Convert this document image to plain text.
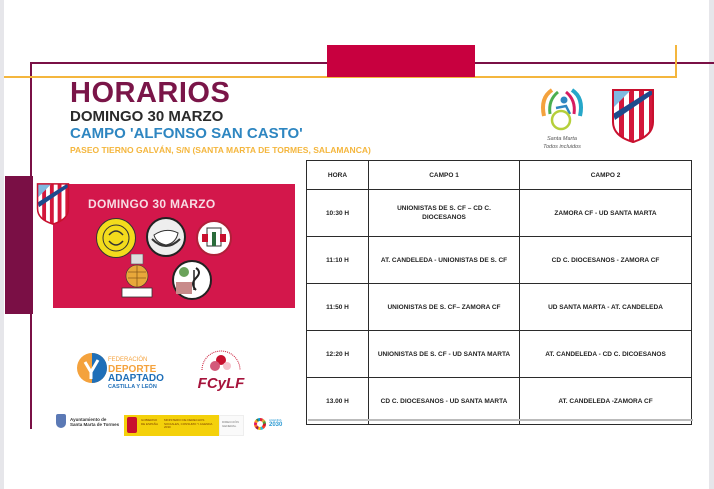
HORARIOS
DOMINGO 30 MARZO
CAMPO 'ALFONSO SAN CASTO'
PASEO TIERNO GALVÁN, S/N (SANTA MARTA DE TORMES, SALAMANCA)
Santa Marta
Todos incluidos
DOMINGO 30 MARZO
HORA	CAMPO 1	CAMPO 2
10:30 H	UNIONISTAS DE S. CF – CD C. DIOCESANOS	ZAMORA CF - UD SANTA MARTA
11:10 H	AT. CANDELEDA - UNIONISTAS DE S. CF	CD C. DIOCESANOS - ZAMORA CF
11:50 H	UNIONISTAS DE S. CF– ZAMORA CF	UD SANTA MARTA - AT. CANDELEDA
12:20 H	UNIONISTAS DE S. CF - UD SANTA MARTA	AT. CANDELEDA - CD C. DICOESANOS
13.00 H	CD C. DIOCESANOS - UD SANTA MARTA	AT. CANDELEDA -ZAMORA CF
FEDERACIÓN
DEPORTE
ADAPTADO
CASTILLA Y LEÓN	FCyLF
Ayuntamiento de
Santa Marta de Tormes
GOBIERNO DE ESPAÑA
MINISTERIO DE DERECHOS SOCIALES, CONSUMO Y AGENDA 2030
DIRECCIÓN GENERAL
AGENDA
2030
